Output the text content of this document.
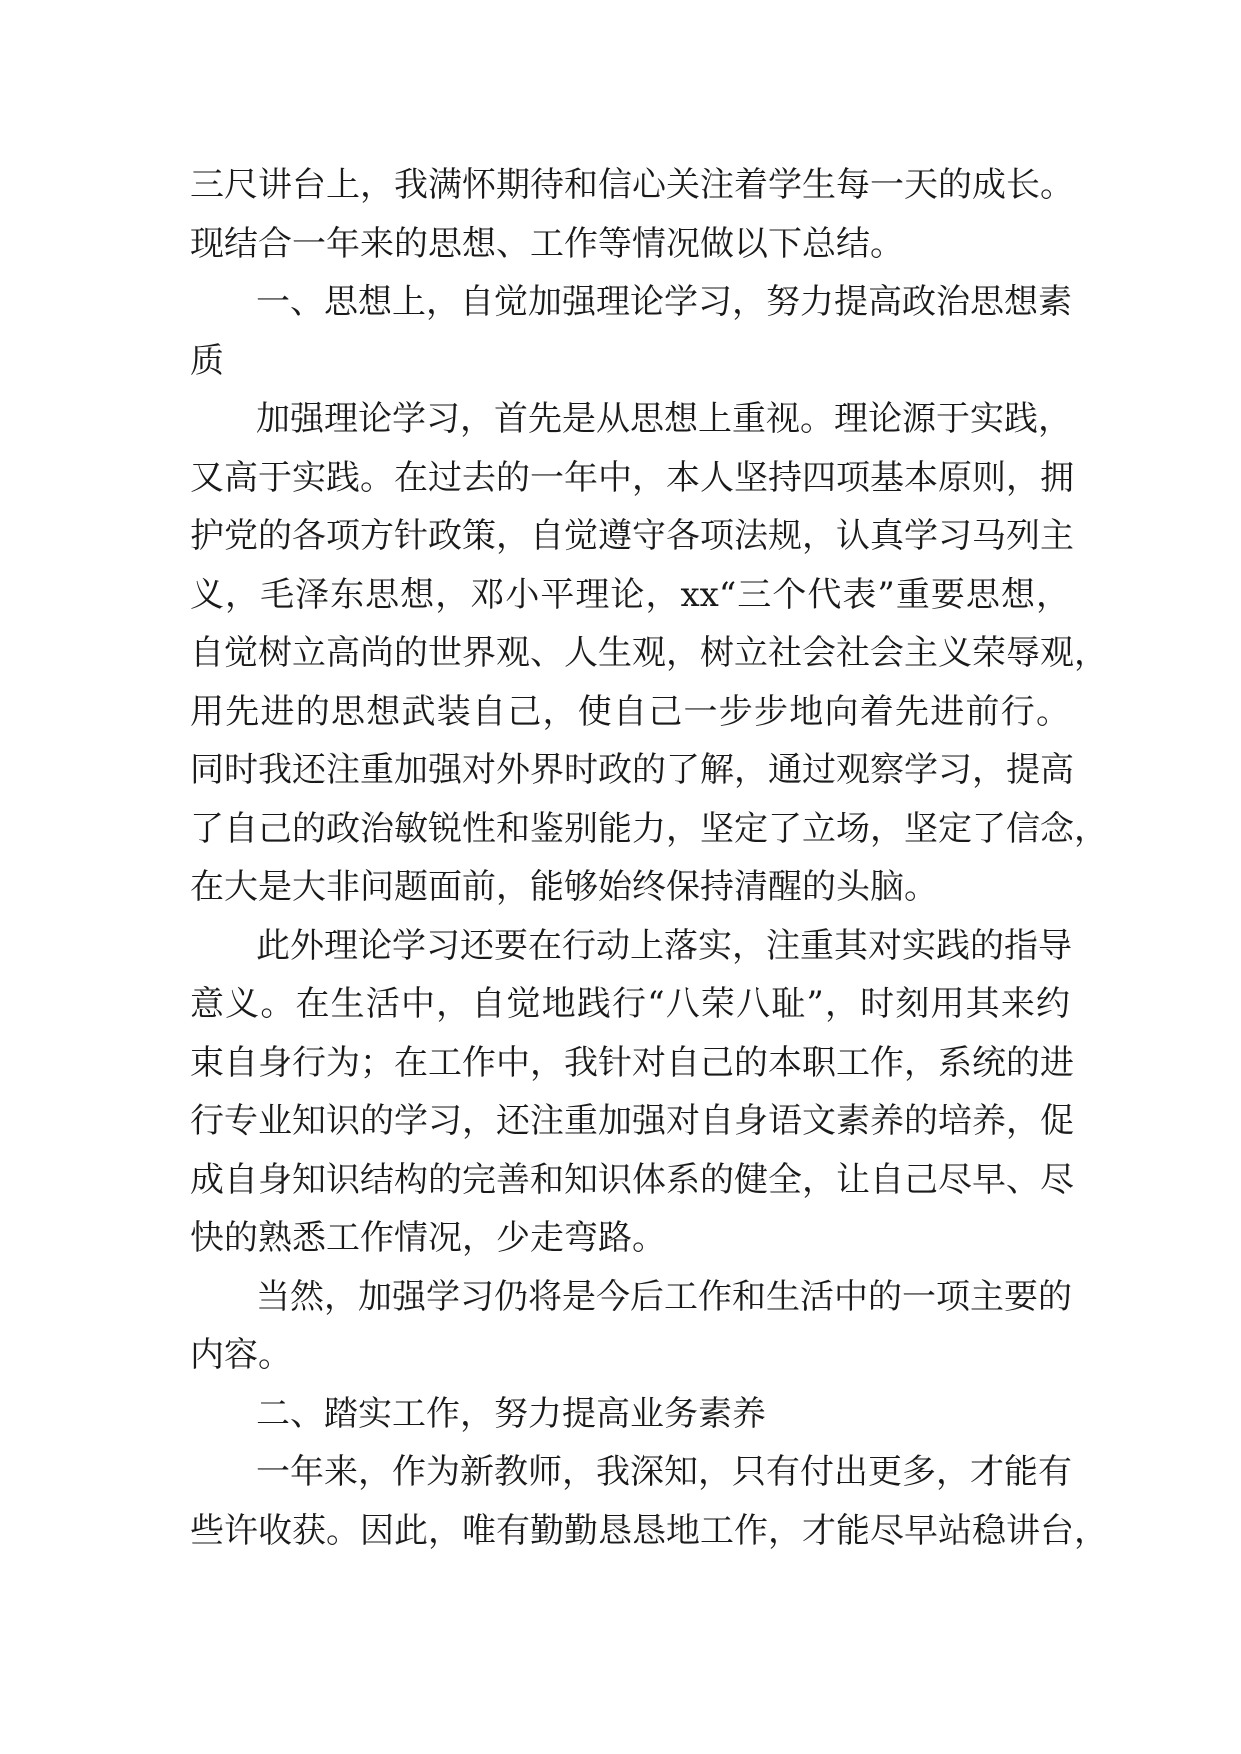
三尺讲台上，我满怀期待和信心关注着学生每一天的成长。
现结合一年来的思想、工作等情况做以下总结。
一、思想上，自觉加强理论学习，努力提高政治思想素
质
加强理论学习，首先是从思想上重视。理论源于实践，
又高于实践。在过去的一年中，本人坚持四项基本原则，拥
护党的各项方针政策，自觉遵守各项法规，认真学习马列主
义，毛泽东思想，邓小平理论，xx“三个代表”重要思想，
自觉树立高尚的世界观、人生观，树立社会社会主义荣辱观，
用先进的思想武装自己，使自己一步步地向着先进前行。
同时我还注重加强对外界时政的了解，通过观察学习，提高
了自己的政治敏锐性和鉴别能力，坚定了立场，坚定了信念，
在大是大非问题面前，能够始终保持清醒的头脑。
此外理论学习还要在行动上落实，注重其对实践的指导
意义。在生活中，自觉地践行“八荣八耻”，时刻用其来约
束自身行为；在工作中，我针对自己的本职工作，系统的进
行专业知识的学习，还注重加强对自身语文素养的培养，促
成自身知识结构的完善和知识体系的健全，让自己尽早、尽
快的熟悉工作情况，少走弯路。
当然，加强学习仍将是今后工作和生活中的一项主要的
内容。
二、踏实工作，努力提高业务素养
一年来，作为新教师，我深知，只有付出更多，才能有
些许收获。因此，唯有勤勤恳恳地工作，才能尽早站稳讲台，
